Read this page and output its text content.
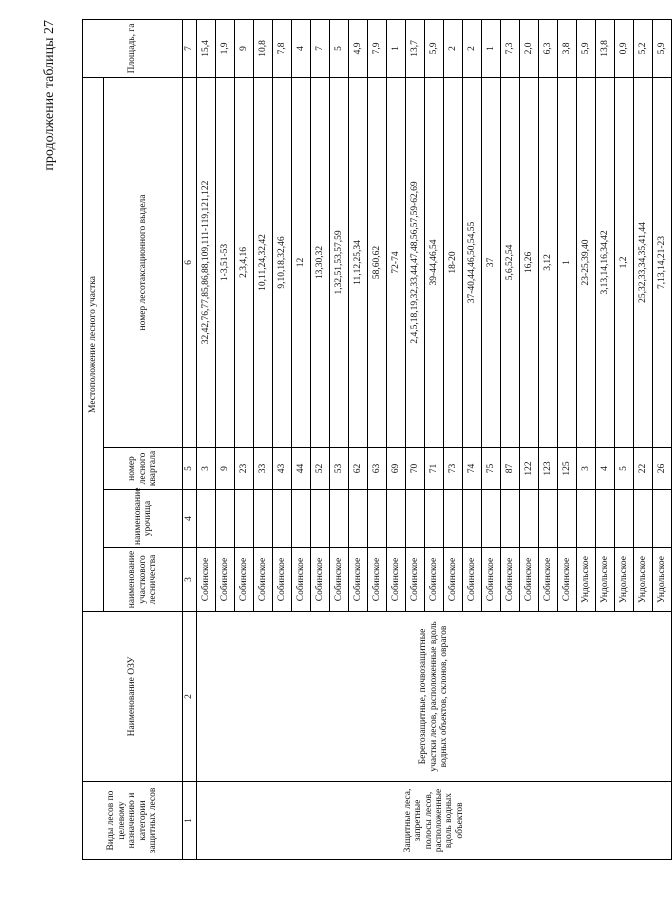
продолжение таблицы 27
Виды лесов по целевому назначению и категории защитных лесов	Наименование ОЗУ	Местоположение лесного участка				Площадь, га
		наименование участкового лесничества	наименование урочища	номер лесного квартала	номер лесотаксационного выдела	
1	2	3	4	5	6	7
Защитные леса, запретные полосы лесов, расположенные вдоль водных объектов	Берегозащитные, почвозащитные участки лесов, расположенные вдоль водных объектов, склонов, оврагов	Собинское		3	32,42,76,77,85,86,88,109,111-119,121,122	15,4
		Собинское		9	1-3,51-53	1,9
		Собинское		23	2,3,4,16	9
		Собинское		33	10,11,24,32,42	10,8
		Собинское		43	9,10,18,32,46	7,8
		Собинское		44	12	4
		Собинское		52	13,30,32	7
		Собинское		53	1,32,51,53,57,59	5
		Собинское		62	11,12,25,34	4,9
		Собинское		63	58,60,62	7,9
		Собинское		69	72-74	1
		Собинское		70	2,4,5,18,19,32,33,44,47,48,56,57,59-62,69	13,7
		Собинское		71	39-44,46,54	5,9
		Собинское		73	18-20	2
		Собинское		74	37-40,44,46,50,54,55	2
		Собинское		75	37	1
		Собинское		87	5,6,52,54	7,3
		Собинское		122	16,26	2,0
		Собинское		123	3,12	6,3
		Собинское		125	1	3,8
		Ундольское		3	23-25,39,40	5,9
		Ундольское		4	3,13,14,16,34,42	13,8
		Ундольское		5	1,2	0,9
		Ундольское		22	25,32,33,34,35,41,44	5,2
		Ундольское		26	7,13,14,21-23	5,9
